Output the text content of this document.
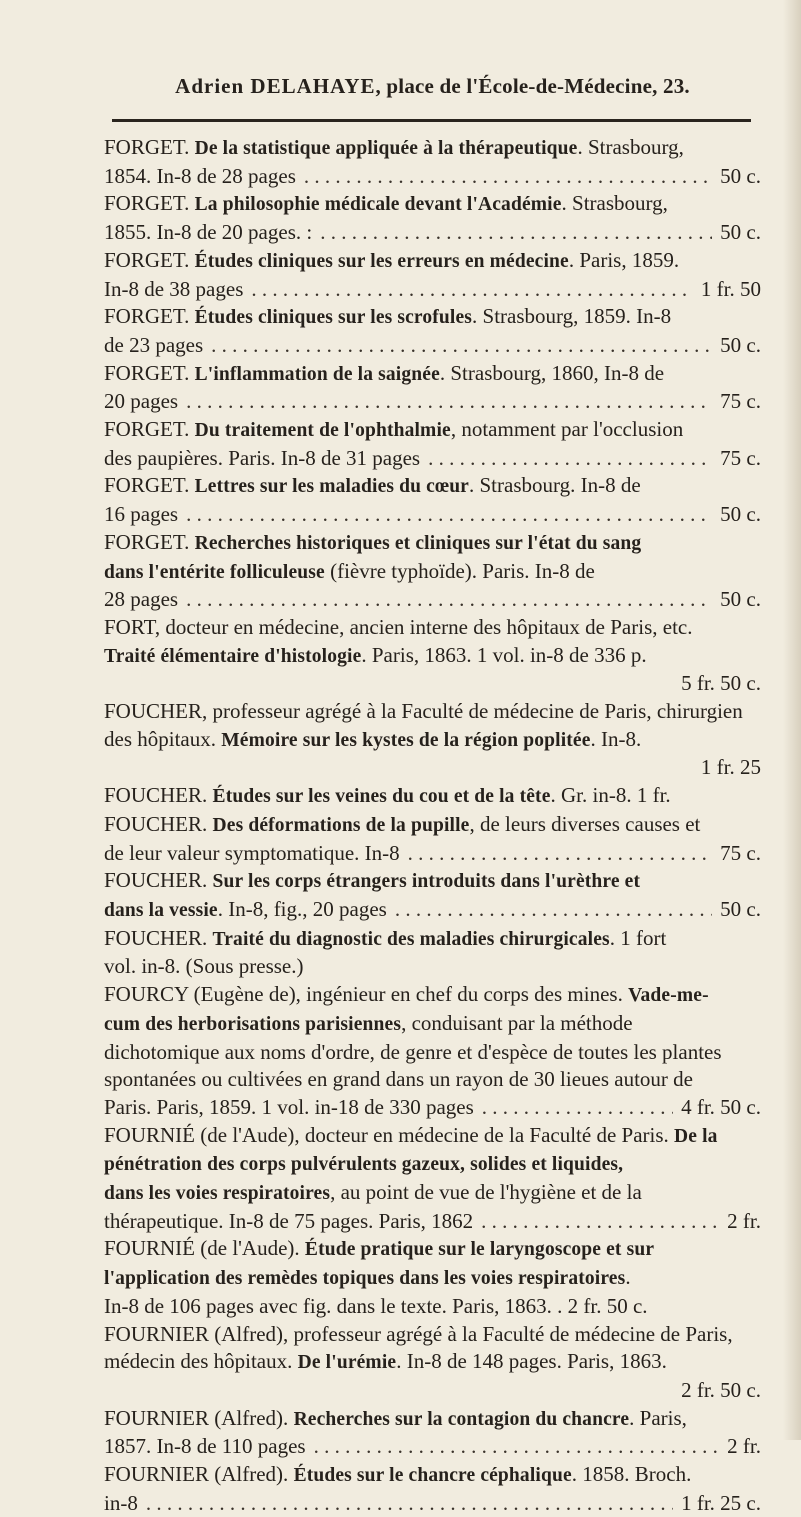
Adrien DELAHAYE, place de l'École-de-Médecine, 23.
FORGET. De la statistique appliquée à la thérapeutique. Strasbourg,
1854. In-8 de 28 pages . . .	50 c.
FORGET. La philosophie médicale devant l'Académie. Strasbourg,
1855. In-8 de 20 pages. : . . .	50 c.
FORGET. Études cliniques sur les erreurs en médecine. Paris, 1859.
In-8 de 38 pages . . .	1 fr. 50
FORGET. Études cliniques sur les scrofules. Strasbourg, 1859. In-8
de 23 pages . . .	50 c.
FORGET. L'inflammation de la saignée. Strasbourg, 1860, In-8 de
20 pages . . .	75 c.
FORGET. Du traitement de l'ophthalmie, notamment par l'occlusion
des paupières. Paris. In-8 de 31 pages . . .	75 c.
FORGET. Lettres sur les maladies du cœur. Strasbourg. In-8 de
16 pages . . .	50 c.
FORGET. Recherches historiques et cliniques sur l'état du sang
dans l'entérite folliculeuse (fièvre typhoïde). Paris. In-8 de
28 pages . . .	50 c.
FORT, docteur en médecine, ancien interne des hôpitaux de Paris, etc.
Traité élémentaire d'histologie. Paris, 1863. 1 vol. in-8 de 336 p.
5 fr. 50 c.
FOUCHER, professeur agrégé à la Faculté de médecine de Paris, chirurgien
des hôpitaux. Mémoire sur les kystes de la région poplitée. In-8.
1 fr. 25
FOUCHER. Études sur les veines du cou et de la tête. Gr. in-8. 1 fr.
FOUCHER. Des déformations de la pupille, de leurs diverses causes et
de leur valeur symptomatique. In-8 . . .	75 c.
FOUCHER. Sur les corps étrangers introduits dans l'urèthre et
dans la vessie. In-8, fig., 20 pages . . .	50 c.
FOUCHER. Traité du diagnostic des maladies chirurgicales. 1 fort
vol. in-8. (Sous presse.)
FOURCY (Eugène de), ingénieur en chef du corps des mines. Vade-me-
cum des herborisations parisiennes, conduisant par la méthode
dichotomique aux noms d'ordre, de genre et d'espèce de toutes les plantes
spontanées ou cultivées en grand dans un rayon de 30 lieues autour de
Paris. Paris, 1859. 1 vol. in-18 de 330 pages . . .	4 fr. 50 c.
FOURNIÉ (de l'Aude), docteur en médecine de la Faculté de Paris. De la
pénétration des corps pulvérulents gazeux, solides et liquides,
dans les voies respiratoires, au point de vue de l'hygiène et de la
thérapeutique. In-8 de 75 pages. Paris, 1862 . . .	2 fr.
FOURNIÉ (de l'Aude). Étude pratique sur le laryngoscope et sur
l'application des remèdes topiques dans les voies respiratoires.
In-8 de 106 pages avec fig. dans le texte. Paris, 1863. . 2 fr. 50 c.
FOURNIER (Alfred), professeur agrégé à la Faculté de médecine de Paris,
médecin des hôpitaux. De l'urémie. In-8 de 148 pages. Paris, 1863.
2 fr. 50 c.
FOURNIER (Alfred). Recherches sur la contagion du chancre. Paris,
1857. In-8 de 110 pages . . .	2 fr.
FOURNIER (Alfred). Études sur le chancre céphalique. 1858. Broch.
in-8 . . .	1 fr. 25 c.
